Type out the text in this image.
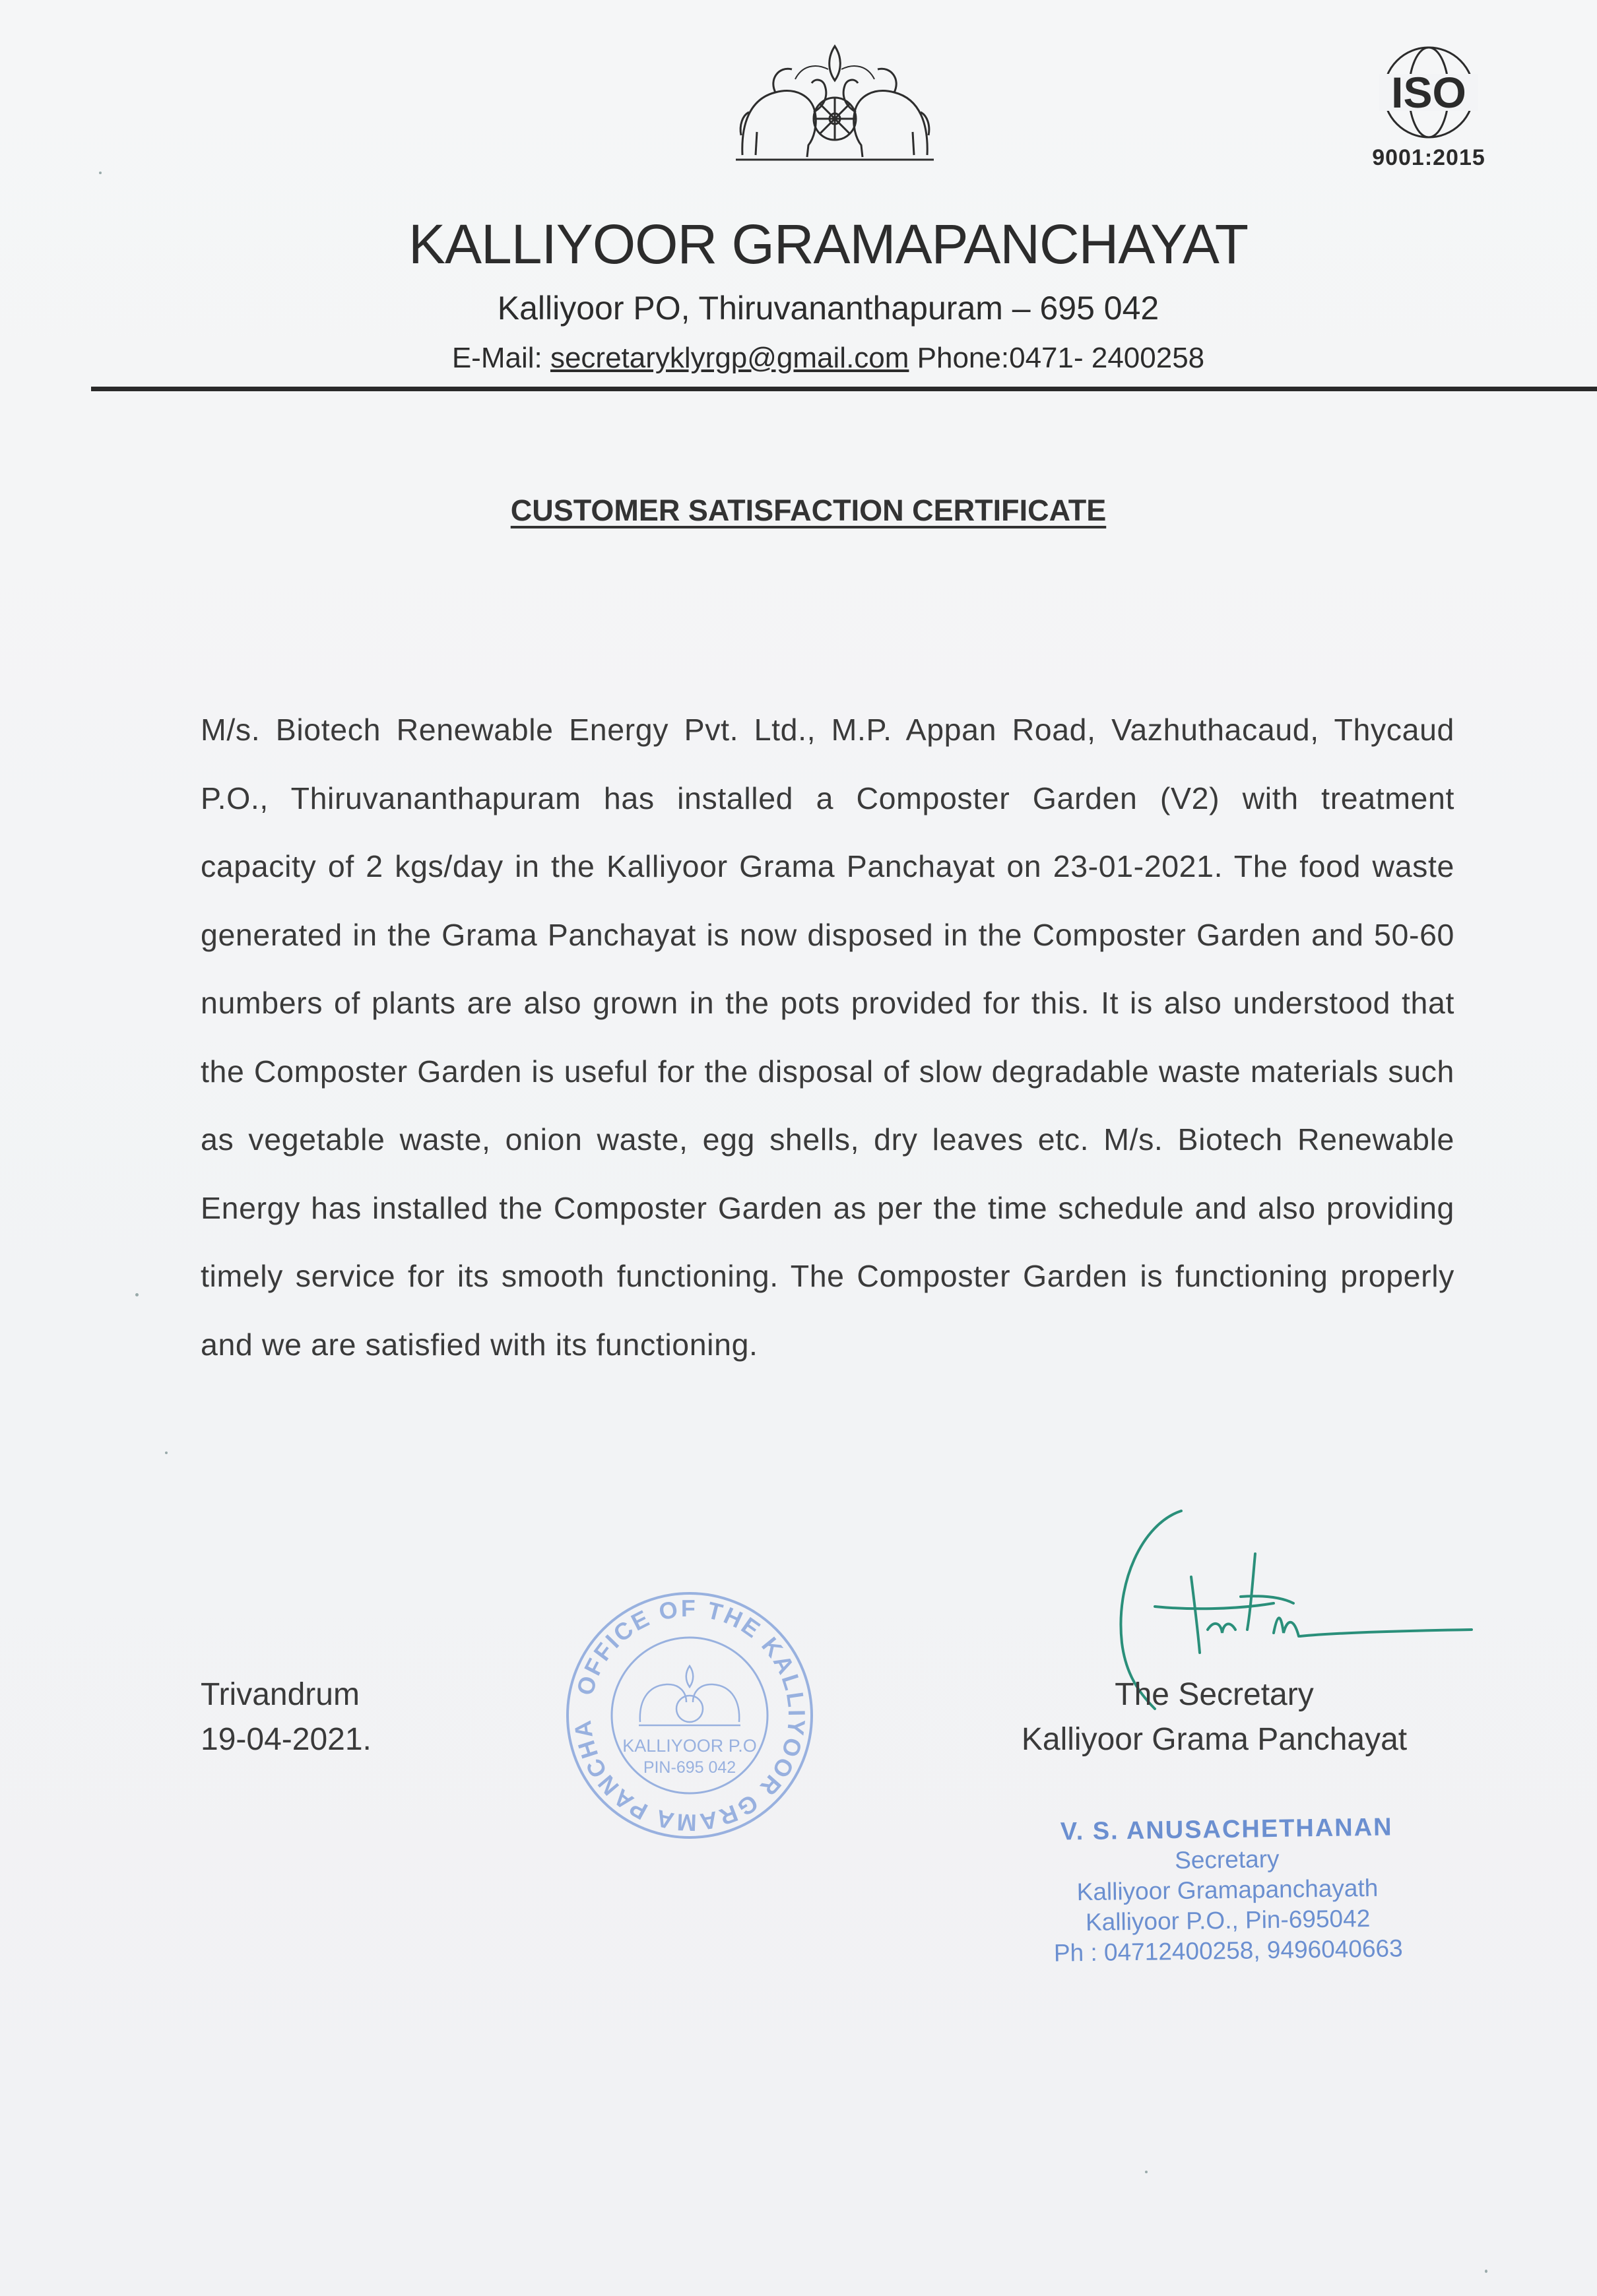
ISO
9001:2015
KALLIYOOR GRAMAPANCHAYAT
Kalliyoor PO, Thiruvananthapuram – 695 042
E-Mail: secretaryklyrgp@gmail.com Phone:0471- 2400258
CUSTOMER SATISFACTION CERTIFICATE
M/s. Biotech Renewable Energy Pvt. Ltd., M.P. Appan Road, Vazhuthacaud, Thycaud P.O., Thiruvananthapuram has installed a Composter Garden (V2) with treatment capacity of 2 kgs/day in the Kalliyoor Grama Panchayat on 23-01-2021. The food waste generated in the Grama Panchayat is now disposed in the Composter Garden and 50-60 numbers of plants are also grown in the pots provided for this. It is also understood that the Composter Garden is useful for the disposal of slow degradable waste materials such as vegetable waste, onion waste, egg shells, dry leaves etc. M/s. Biotech Renewable Energy has installed the Composter Garden as per the time schedule and also providing timely service for its smooth functioning. The Composter Garden is functioning properly and we are satisfied with its functioning.
Trivandrum
19-04-2021.
OFFICE OF THE KALLIYOOR GRAMA PANCHA
KALLIYOOR P.O
PIN-695 042
The Secretary
Kalliyoor Grama Panchayat
V. S. ANUSACHETHANAN
Secretary
Kalliyoor Gramapanchayath
Kalliyoor P.O., Pin-695042
Ph : 04712400258, 9496040663
